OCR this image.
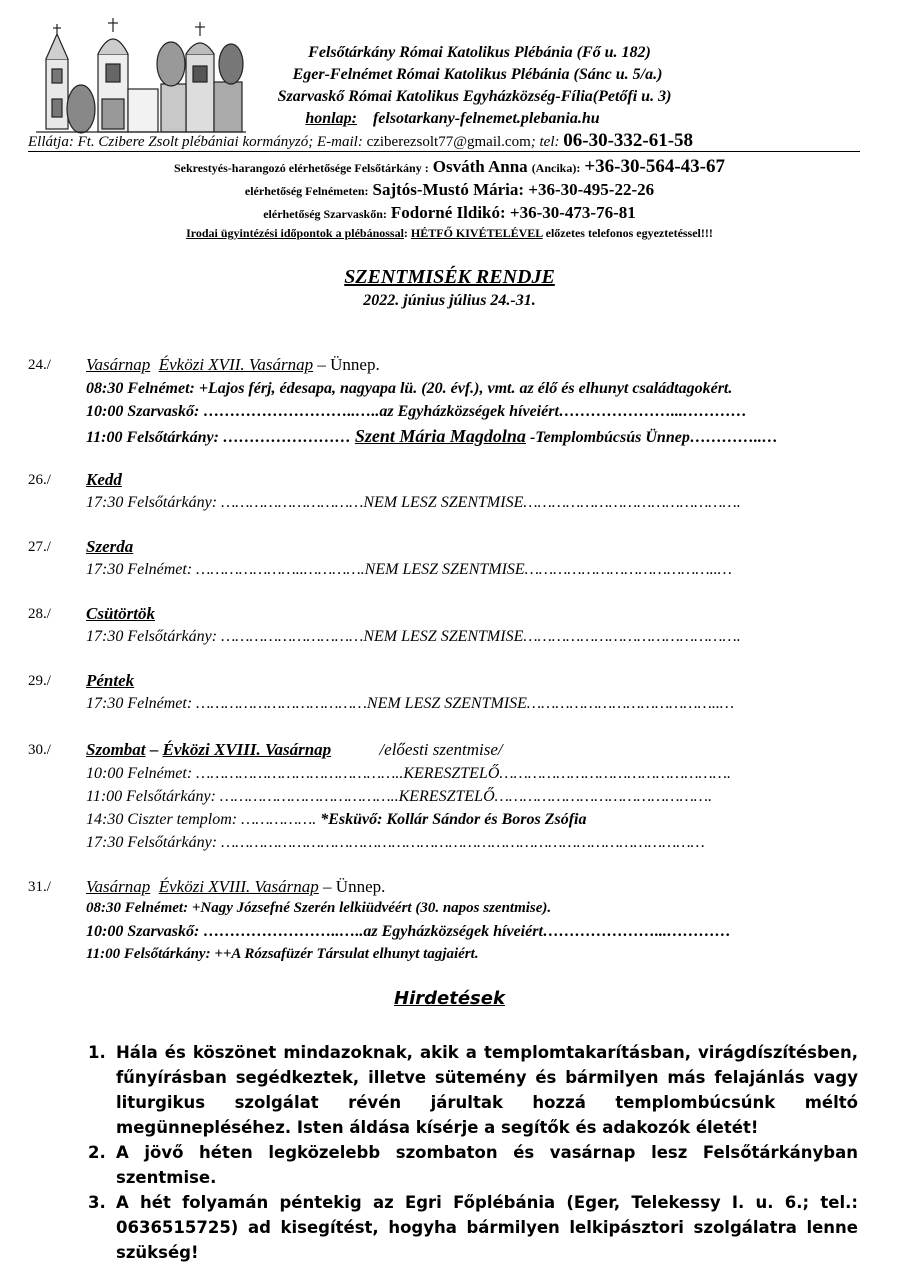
Felsőtárkány Római Katolikus Plébánia (Fő u. 182)
Eger-Felnémet Római Katolikus Plébánia (Sánc u. 5/a.)
Szarvaskő Római Katolikus Egyházközség-Fília(Petőfi u. 3)
honlap: felsotarkany-felnemet.plebania.hu
Ellátja: Ft. Czibere Zsolt plébániai kormányzó; E-mail: cziberezsolt77@gmail.com; tel: 06-30-332-61-58
Sekrestyés-harangozó elérhetősége Felsőtárkány : Osváth Anna (Ancika): +36-30-564-43-67
elérhetőség Felnémeten: Sajtós-Mustó Mária: +36-30-495-22-26
elérhetőség Szarvaskőn: Fodorné Ildikó: +36-30-473-76-81
Irodai ügyintézési időpontok a plébánossal: HÉTFŐ KIVÉTELÉVEL előzetes telefonos egyeztetéssel!!!
SZENTMISÉK RENDJE
2022. június július 24.-31.
24./ Vasárnap Évközi XVII. Vasárnap – Ünnep.
08:30 Felnémet: +Lajos férj, édesapa, nagyapa lü. (20. évf.), vmt. az élő és elhunyt családtagokért.
10:00 Szarvaskő: ………………………..…..az Egyházközségek híveiért…………………...…………
11:00 Felsőtárkány: …………………… Szent Mária Magdolna -Templombúcsús Ünnep…………..…
26./ Kedd
17:30 Felsőtárkány: …………………………NEM LESZ SZENTMISE……………………………………….
27./ Szerda
17:30 Felnémet: …………………..………….NEM LESZ SZENTMISE…………………………………..…
28./ Csütörtök
17:30 Felsőtárkány: …………………………NEM LESZ SZENTMISE……………………………………….
29./ Péntek
17:30 Felnémet: ………………………………NEM LESZ SZENTMISE…………………………………..…
30./ Szombat – Évközi XVIII. Vasárnap	/előesti szentmise/
10:00 Felnémet: ……………………………………..KERESZTELŐ………………………………………….
11:00 Felsőtárkány: ………………………………..KERESZTELŐ……………………………………….
14:30 Ciszter templom: ……………. *Esküvő: Kollár Sándor és Boros Zsófia
17:30 Felsőtárkány: …………………………………………………………………………………………
31./ Vasárnap Évközi XVIII. Vasárnap – Ünnep.
08:30 Felnémet: +Nagy Józsefné Szerén lelkiüdvéért (30. napos szentmise).
10:00 Szarvaskő: ……………………..…..az Egyházközségek híveiért…………………...…………
11:00 Felsőtárkány: ++A Rózsafüzér Társulat elhunyt tagjaiért.
Hirdetések
1. Hála és köszönet mindazoknak, akik a templomtakarításban, virágdíszítésben, fűnyírásban segédkeztek, illetve sütemény és bármilyen más felajánlás vagy liturgikus szolgálat révén járultak hozzá templombúcsúnk méltó megünnepléséhez. Isten áldása kísérje a segítők és adakozók életét!
2. A jövő héten legközelebb szombaton és vasárnap lesz Felsőtárkányban szentmise.
3. A hét folyamán péntekig az Egri Főplébánia (Eger, Telekessy I. u. 6.; tel.: 0636515725) ad kisegítést, hogyha bármilyen lelkipásztori szolgálatra lenne szükség!
